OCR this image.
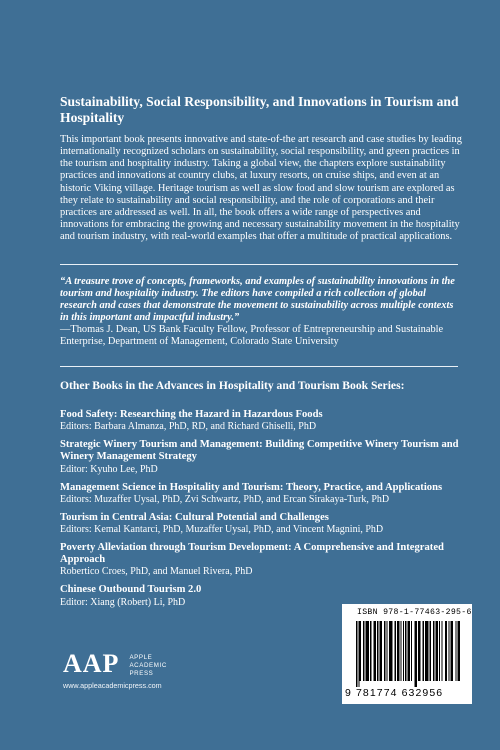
Sustainability, Social Responsibility, and Innovations in Tourism and Hospitality

This important book presents innovative and state-of-the art research and case studies by leading internationally recognized scholars on sustainability, social responsibility, and green practices in the tourism and hospitality industry. Taking a global view, the chapters explore sustainability practices and innovations at country clubs, at luxury resorts, on cruise ships, and even at an historic Viking village. Heritage tourism as well as slow food and slow tourism are explored as they relate to sustainability and social responsibility, and the role of corporations and their practices are addressed as well. In all, the book offers a wide range of perspectives and innovations for embracing the growing and necessary sustainability movement in the hospitality and tourism industry, with real-world examples that offer a multitude of practical applications.

“A treasure trove of concepts, frameworks, and examples of sustainability innovations in the tourism and hospitality industry. The editors have compiled a rich collection of global research and cases that demonstrate the movement to sustainability across multiple contexts in this important and impactful industry.”
—Thomas J. Dean, US Bank Faculty Fellow, Professor of Entrepreneurship and Sustainable Enterprise, Department of Management, Colorado State University
Other Books in the Advances in Hospitality and Tourism Book Series:
Food Safety: Researching the Hazard in Hazardous Foods
Editors: Barbara Almanza, PhD, RD, and Richard Ghiselli, PhD
Strategic Winery Tourism and Management: Building Competitive Winery Tourism and Winery Management Strategy
Editor: Kyuho Lee, PhD
Management Science in Hospitality and Tourism: Theory, Practice, and Applications
Editors: Muzaffer Uysal, PhD, Zvi Schwartz, PhD, and Ercan Sirakaya-Turk, PhD
Tourism in Central Asia: Cultural Potential and Challenges
Editors: Kemal Kantarci, PhD, Muzaffer Uysal, PhD, and Vincent Magnini, PhD
Poverty Alleviation through Tourism Development: A Comprehensive and Integrated Approach
Robertico Croes, PhD, and Manuel Rivera, PhD
Chinese Outbound Tourism 2.0
Editor: Xiang (Robert) Li, PhD
AAP APPLE
ACADEMIC
PRESS
www.appleacademicpress.com
ISBN 978-1-77463-295-6
9 781774 632956
